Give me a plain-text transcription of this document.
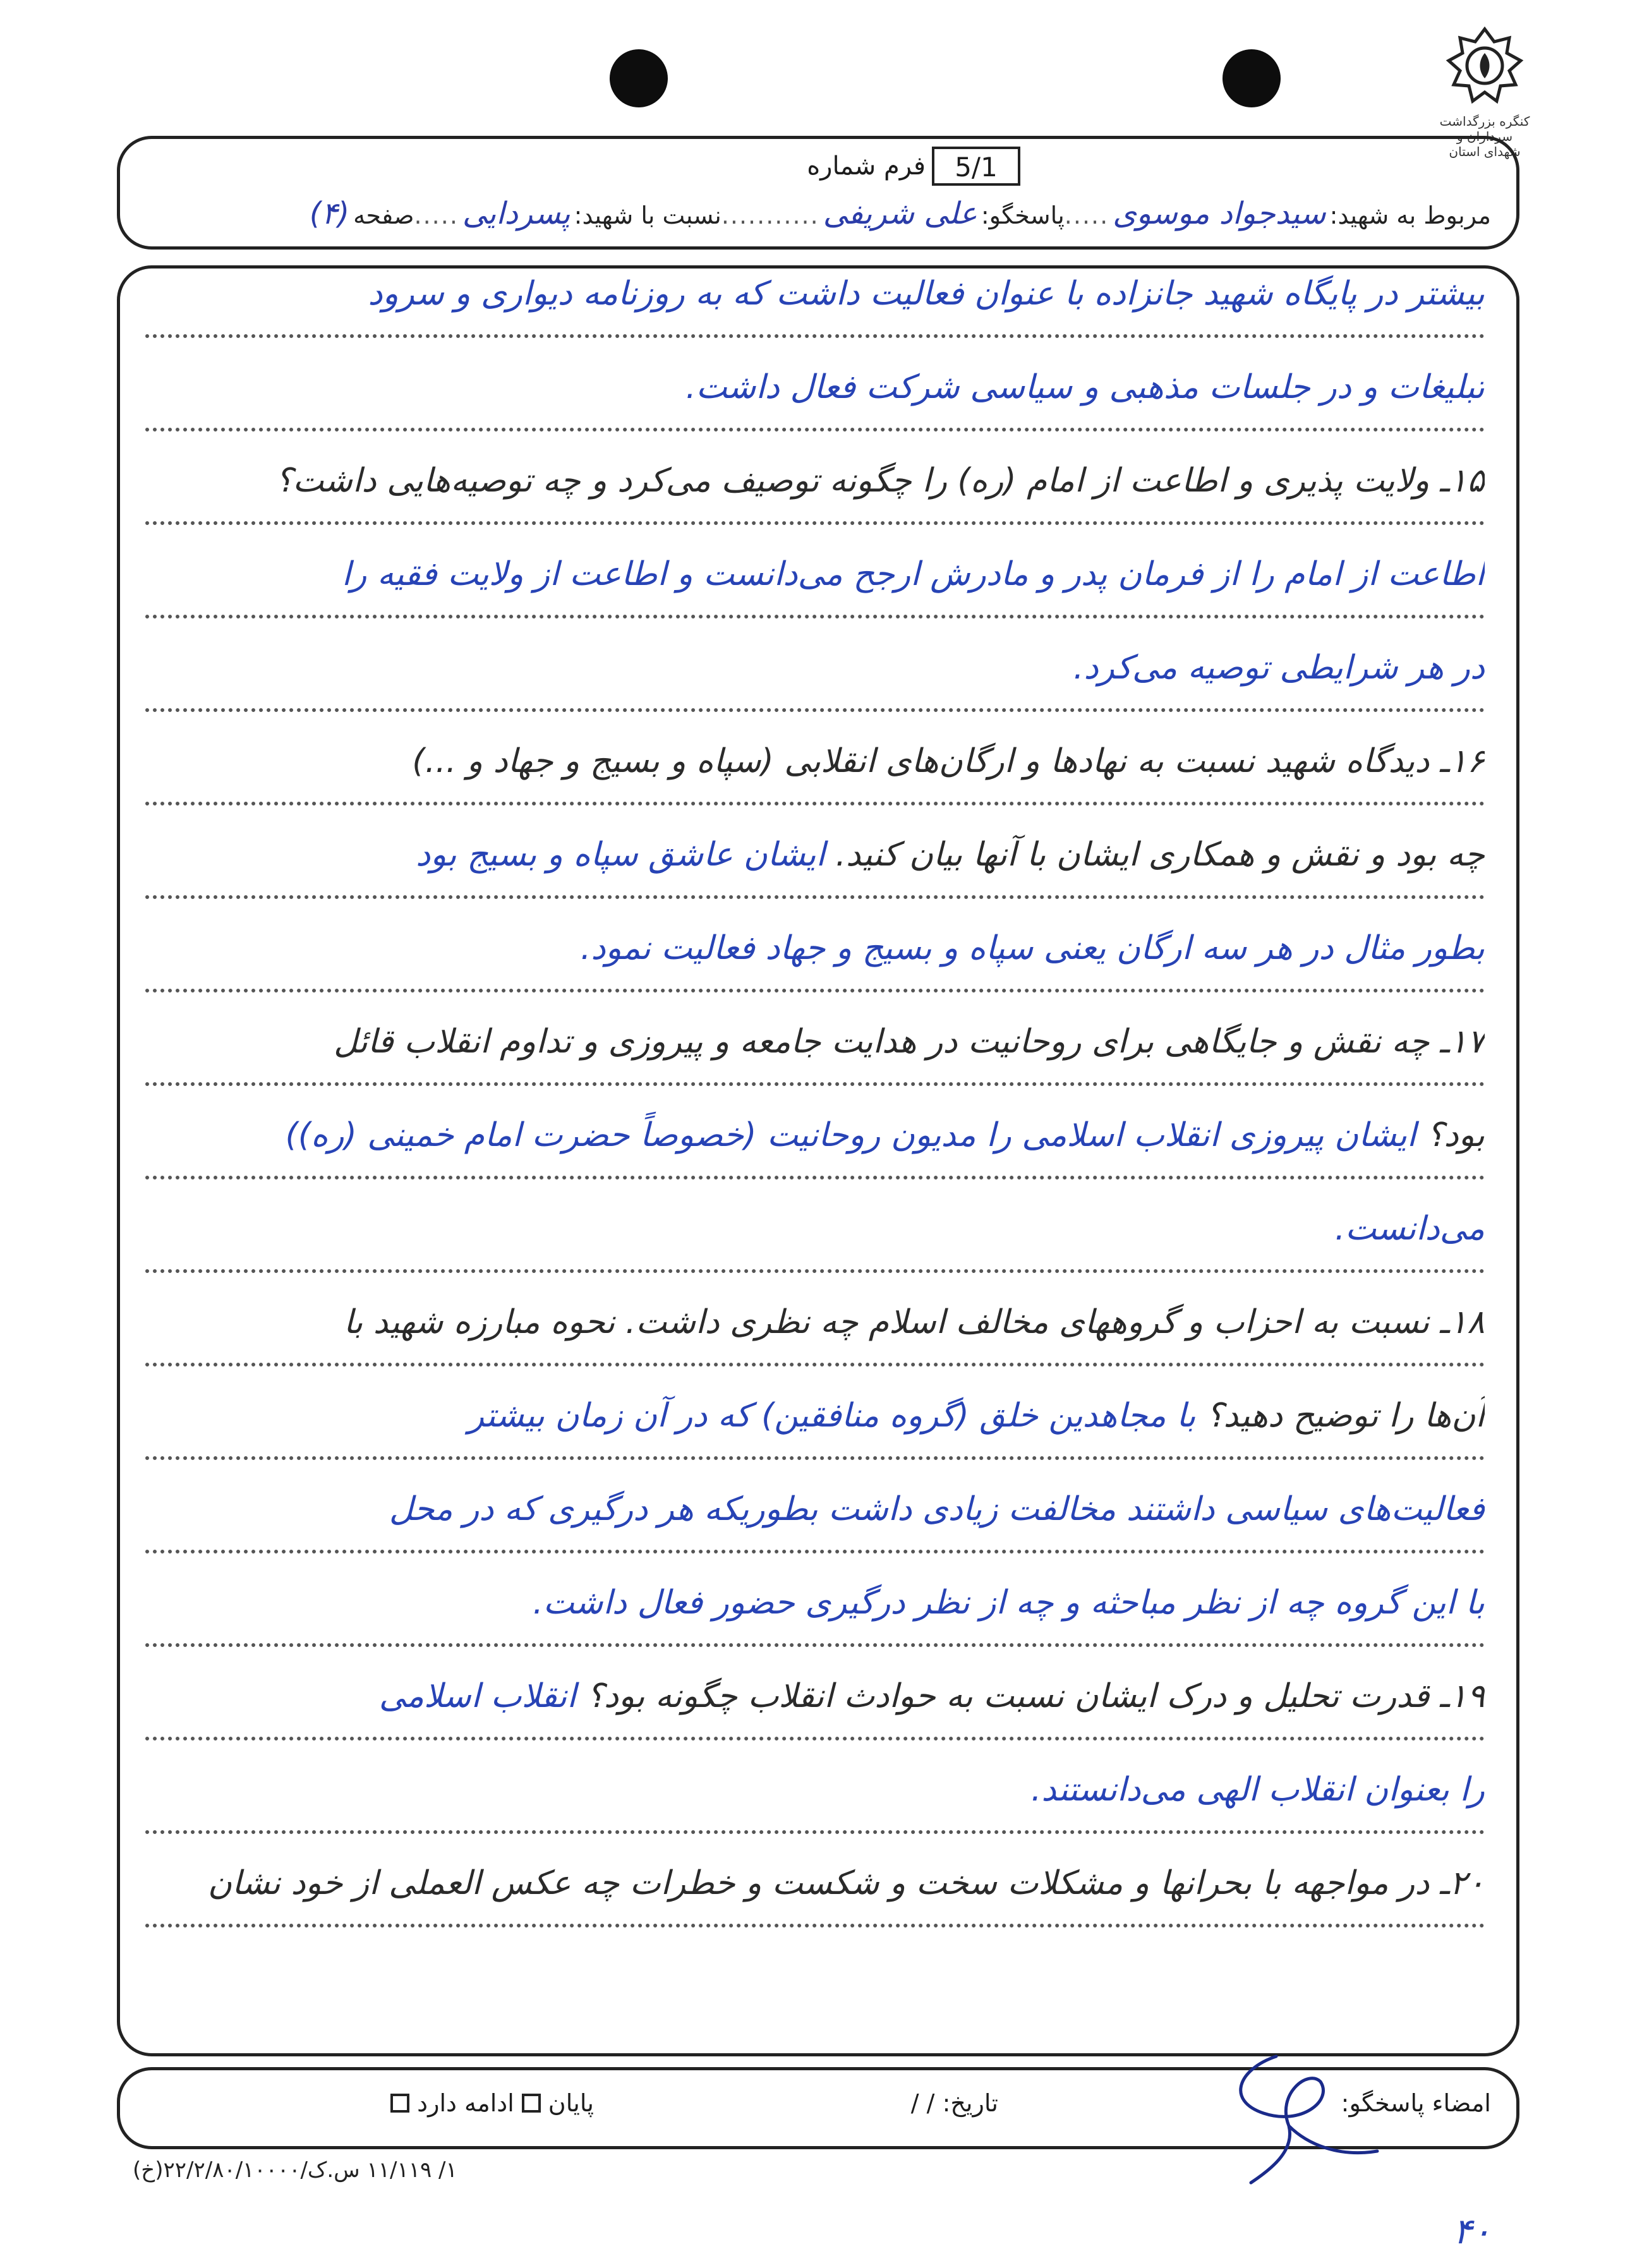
کنگره بزرگداشت سرداران و
شهدای استان
فرم شماره	5/1
مربوط به شهید:
سیدجواد موسوی
.....
پاسخگو:
علی شریفی
...........
نسبت با شهید:
پسردایی
.....
صفحه
(۴)
بیشتر در پایگاه شهید جانزاده با عنوان فعالیت داشت که به روزنامه دیواری و سرود
تبلیغات و در جلسات مذهبی و سیاسی شرکت فعال داشت.
۱۵ـ ولایت پذیری و اطاعت از امام (ره) را چگونه توصیف می‌کرد و چه توصیه‌هایی داشت؟
اطاعت از امام را از فرمان پدر و مادرش ارجح می‌دانست و اطاعت از ولایت فقیه را
در هر شرایطی توصیه می‌کرد.
۱۶ـ دیدگاه شهید نسبت به نهادها و ارگان‌های انقلابی (سپاه و بسیج و جهاد و ...)
چه بود و نقش و همکاری ایشان با آنها بیان کنید. ایشان عاشق سپاه و بسیج بود
بطور مثال در هر سه ارگان یعنی سپاه و بسیج و جهاد فعالیت نمود.
۱۷ـ چه نقش و جایگاهی برای روحانیت در هدایت جامعه و پیروزی و تداوم انقلاب قائل
بود؟ ایشان پیروزی انقلاب اسلامی را مدیون روحانیت (خصوصاً حضرت امام خمینی (ره))
می‌دانست.
۱۸ـ نسبت به احزاب و گروههای مخالف اسلام چه نظری داشت. نحوه مبارزه شهید با
آن‌ها را توضیح دهید؟ با مجاهدین خلق (گروه منافقین) که در آن زمان بیشتر
فعالیت‌های سیاسی داشتند مخالفت زیادی داشت بطوریکه هر درگیری که در محل
با این گروه چه از نظر مباحثه و چه از نظر درگیری حضور فعال داشت.
۱۹ـ قدرت تحلیل و درک ایشان نسبت به حوادث انقلاب چگونه بود؟ انقلاب اسلامی
را بعنوان انقلاب الهی می‌دانستند.
۲۰ـ در مواجهه با بحرانها و مشکلات سخت و شکست و خطرات چه عکس العملی از خود نشان
امضاء پاسخگو:
تاریخ: / /
پایان
ادامه دارد
۱/ ۱۱/۱۱۹ س.ک/۲۲/۲/۸۰/۱۰۰۰۰(خ)
۴۰
